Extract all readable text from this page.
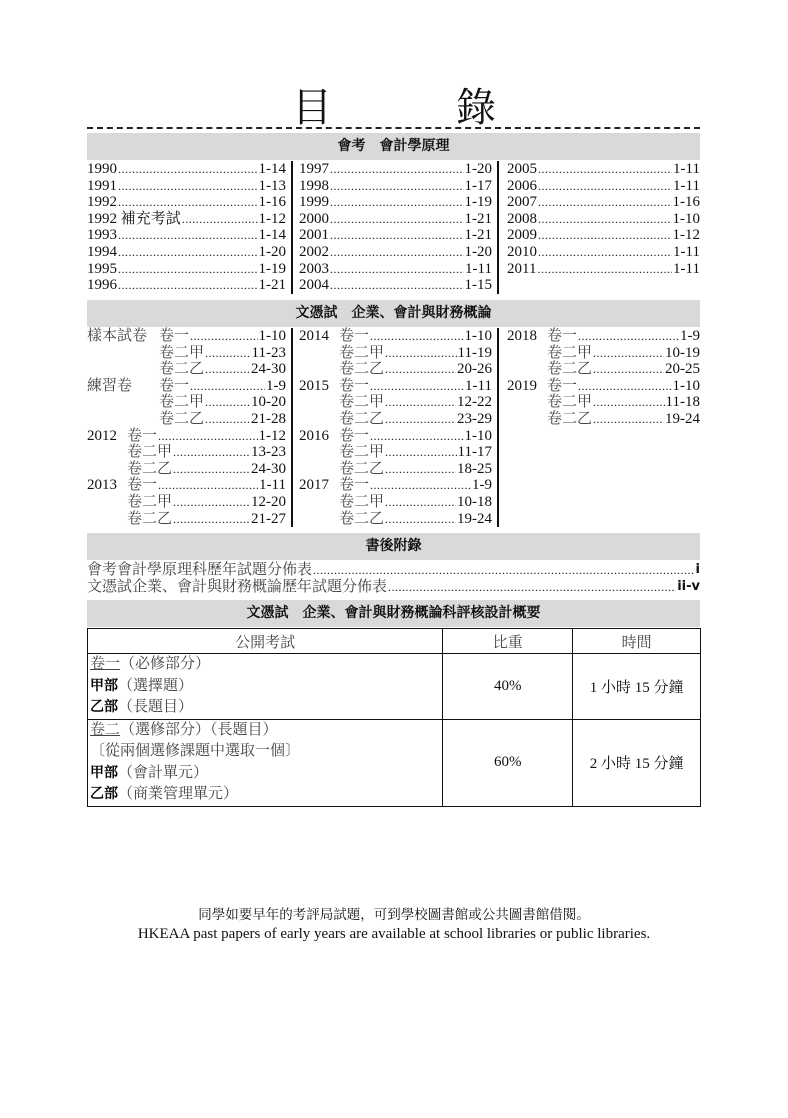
目	錄
會考　會計學原理
1990 .....	1-14
1991 .....	1-13
1992 .....	1-16
1992 補充考試 .....	1-12
1993 .....	1-14
1994 .....	1-20
1995 .....	1-19
1996 .....	1-21
1997 .....	1-20
1998 .....	1-17
1999 .....	1-19
2000 .....	1-21
2001 .....	1-21
2002 .....	1-20
2003 .....	1-11
2004 .....	1-15
2005 .....	1-11
2006 .....	1-11
2007 .....	1-16
2008 .....	1-10
2009 .....	1-12
2010 .....	1-11
2011 .....	1-11
文憑試　企業、會計與財務概論
樣本試卷 卷一 .....	1-10
卷二甲 .....	11-23
卷二乙 .....	24-30
練習卷	卷一 .....	1-9
卷二甲 .....	10-20
卷二乙 .....	21-28
2012 卷一 .....	1-12
卷二甲 .....	13-23
卷二乙 .....	24-30
2013 卷一 .....	1-11
卷二甲 .....	12-20
卷二乙 .....	21-27
2014 卷一 .....	1-10
卷二甲 .....	11-19
卷二乙 .....	20-26
2015 卷一 .....	1-11
卷二甲 .....	12-22
卷二乙 .....	23-29
2016 卷一 .....	1-10
卷二甲 .....	11-17
卷二乙 .....	18-25
2017 卷一 .....	1-9
卷二甲 .....	10-18
卷二乙 .....	19-24
2018 卷一 .....	1-9
卷二甲 .....	10-19
卷二乙 .....	20-25
2019 卷一 .....	1-10
卷二甲 .....	11-18
卷二乙 .....	19-24
書後附錄
會考會計學原理科歷年試題分佈表 .....	i
文憑試企業、會計與財務概論歷年試題分佈表 .....	ii-v
文憑試　企業、會計與財務概論科評核設計概要
公開考試	比重	時間

卷一（必修部分）
甲部（選擇題）
乙部（長題目）	40%	1 小時 15 分鐘

卷二（選修部分）（長題目）
〔從兩個選修課題中選取一個〕
甲部（會計單元）
乙部（商業管理單元）	60%	2 小時 15 分鐘
同學如要早年的考評局試題，可到學校圖書館或公共圖書館借閱。
HKEAA past papers of early years are available at school libraries or public libraries.
